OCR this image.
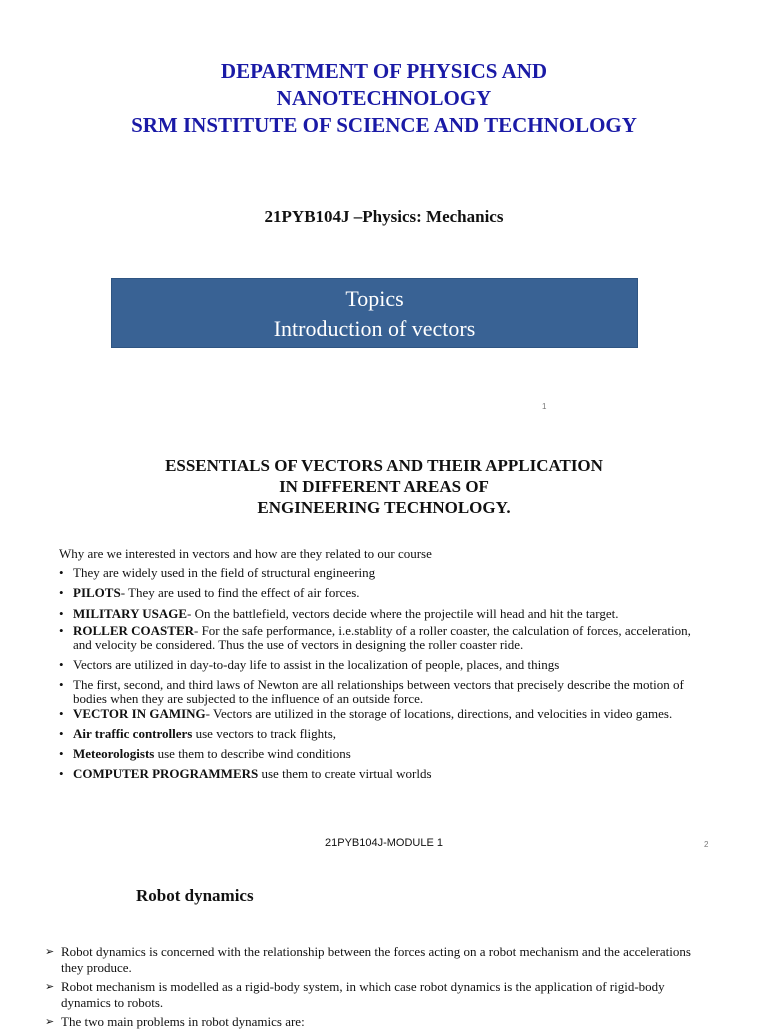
DEPARTMENT OF PHYSICS AND
NANOTECHNOLOGY
SRM INSTITUTE OF SCIENCE AND TECHNOLOGY
21PYB104J –Physics: Mechanics
Topics
Introduction of vectors
1
ESSENTIALS OF VECTORS AND THEIR APPLICATION
IN DIFFERENT AREAS OF
ENGINEERING TECHNOLOGY.
Why are we interested in vectors and how are they related to our course
• They are widely used in the field of structural engineering
• PILOTS- They are used to find the effect of air forces.
• MILITARY USAGE- On the battlefield, vectors decide where the projectile will head and hit the target.
• ROLLER COASTER- For the safe performance, i.e.stablity of a roller coaster, the calculation of forces, acceleration, and velocity be considered. Thus the use of vectors in designing the roller coaster ride.
• Vectors are utilized in day-to-day life to assist in the localization of people, places, and things
• The first, second, and third laws of Newton are all relationships between vectors that precisely describe the motion of bodies when they are subjected to the influence of an outside force.
• VECTOR IN GAMING- Vectors are utilized in the storage of locations, directions, and velocities in video games.
• Air traffic controllers use vectors to track flights,
• Meteorologists use them to describe wind conditions
• COMPUTER PROGRAMMERS use them to create virtual worlds
21PYB104J-MODULE 1	2
Robot dynamics
➢ Robot dynamics is concerned with the relationship between the forces acting on a robot mechanism and the accelerations they produce.
➢ Robot mechanism is modelled as a rigid-body system, in which case robot dynamics is the application of rigid-body dynamics to robots.
➢ The two main problems in robot dynamics are:
